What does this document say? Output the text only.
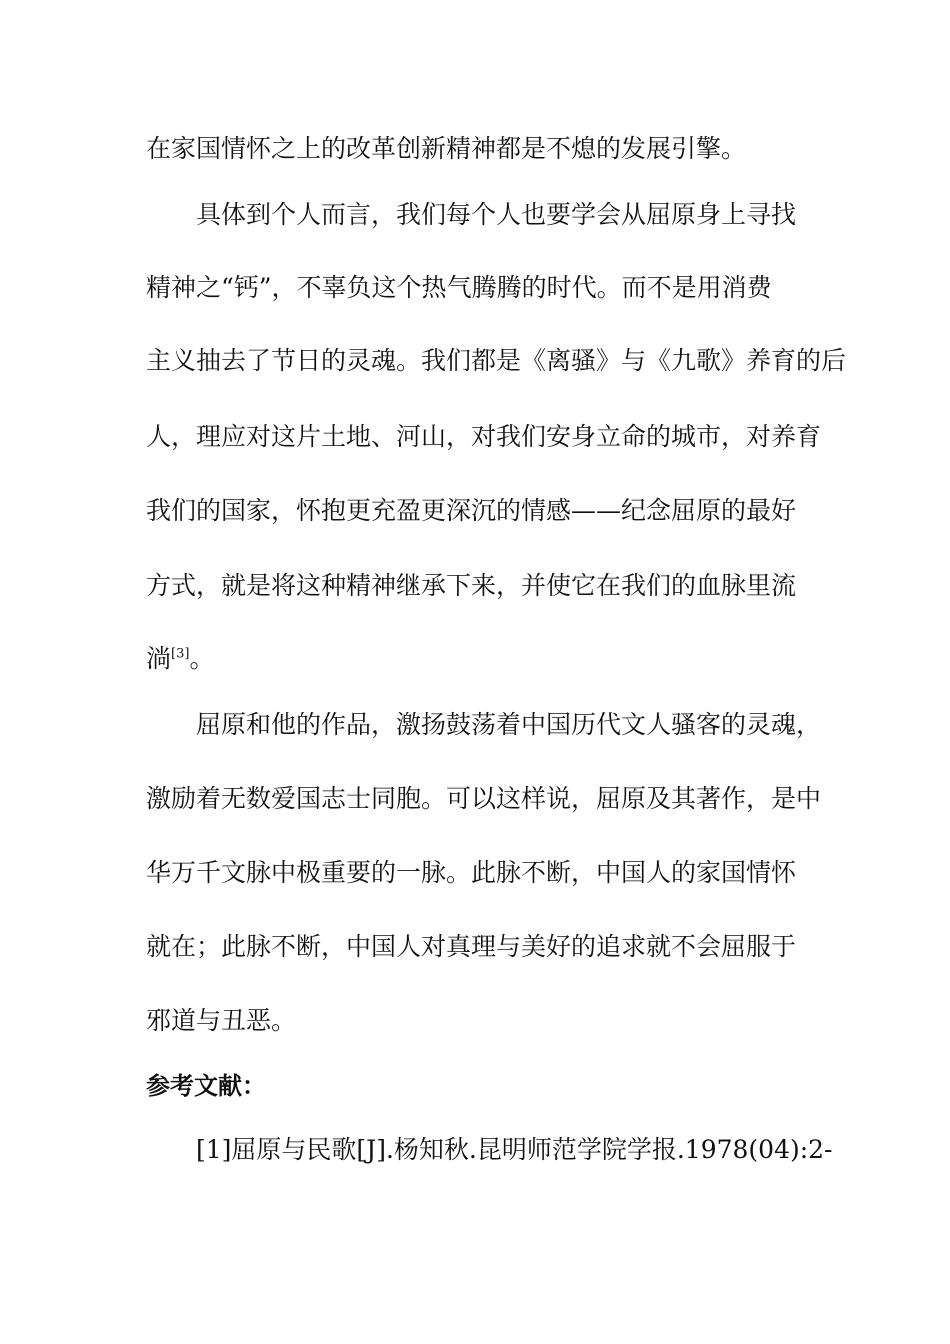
在家国情怀之上的改革创新精神都是不熄的发展引擎。
具体到个人而言，我们每个人也要学会从屈原身上寻找
精神之“钙”，不辜负这个热气腾腾的时代。而不是用消费
主义抽去了节日的灵魂。我们都是《离骚》与《九歌》养育的后
人，理应对这片土地、河山，对我们安身立命的城市，对养育
我们的国家，怀抱更充盈更深沉的情感——纪念屈原的最好
方式，就是将这种精神继承下来，并使它在我们的血脉里流
淌[3]。
屈原和他的作品，激扬鼓荡着中国历代文人骚客的灵魂，
激励着无数爱国志士同胞。可以这样说，屈原及其著作，是中
华万千文脉中极重要的一脉。此脉不断，中国人的家国情怀
就在；此脉不断，中国人对真理与美好的追求就不会屈服于
邪道与丑恶。
参考文献：
[1]屈原与民歌[J].杨知秋.昆明师范学院学报.1978(04):2-
